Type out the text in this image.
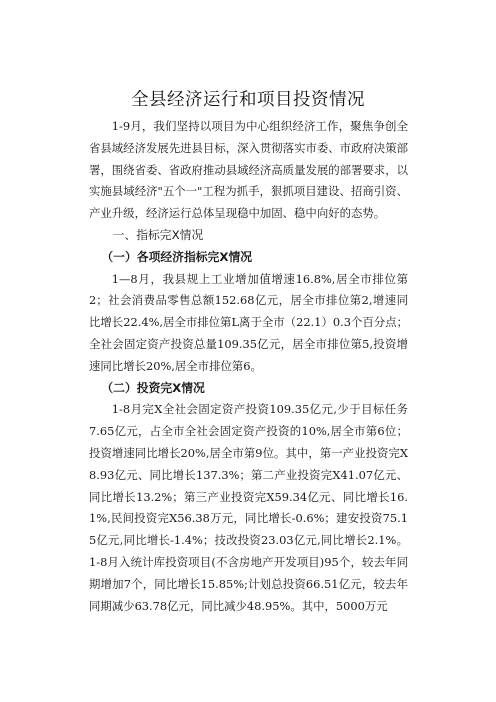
全县经济运行和项目投资情况

1-9月，我们坚持以项目为中心组织经济工作，聚焦争创全省县域经济发展先进县目标，深入贯彻落实市委、市政府决策部署，围绕省委、省政府推动县域经济高质量发展的部署要求，以实施县域经济"五个一"工程为抓手，狠抓项目建设、招商引资、产业升级，经济运行总体呈现稳中加固、稳中向好的态势。

一、指标完X情况
（一）各项经济指标完X情况

1—8月，我县规上工业增加值增速16.8%,居全市排位第2；社会消费品零售总额152.68亿元，居全市排位第2,增速同比增长22.4%,居全市排位第L离于全市（22.1）0.3个百分点；全社会固定资产投资总量109.35亿元，居全市排位第5,投资增速同比增长20%,居全市排位第6。

（二）投资完X情况

1-8月完X全社会固定资产投资109.35亿元,少于目标任务7.65亿元，占全市全社会固定资产投资的10%,居全市第6位；投资增速同比增长20%,居全市第9位。其中，第一产业投资完X8.93亿元、同比增长137.3%；第二产业投资完X41.07亿元、同比增长13.2%；第三产业投资完X59.34亿元、同比增长16.1%,民间投资完X56.38万元，同比增长-0.6%；建安投资75.15亿元,同比增长-1.4%；技改投资23.03亿元,同比增长2.1%。1-8月入统计库投资项目(不含房地产开发项目)95个，较去年同期增加7个，同比增长15.85%;计划总投资66.51亿元，较去年同期减少63.78亿元，同比减少48.95%。其中，5000万元
